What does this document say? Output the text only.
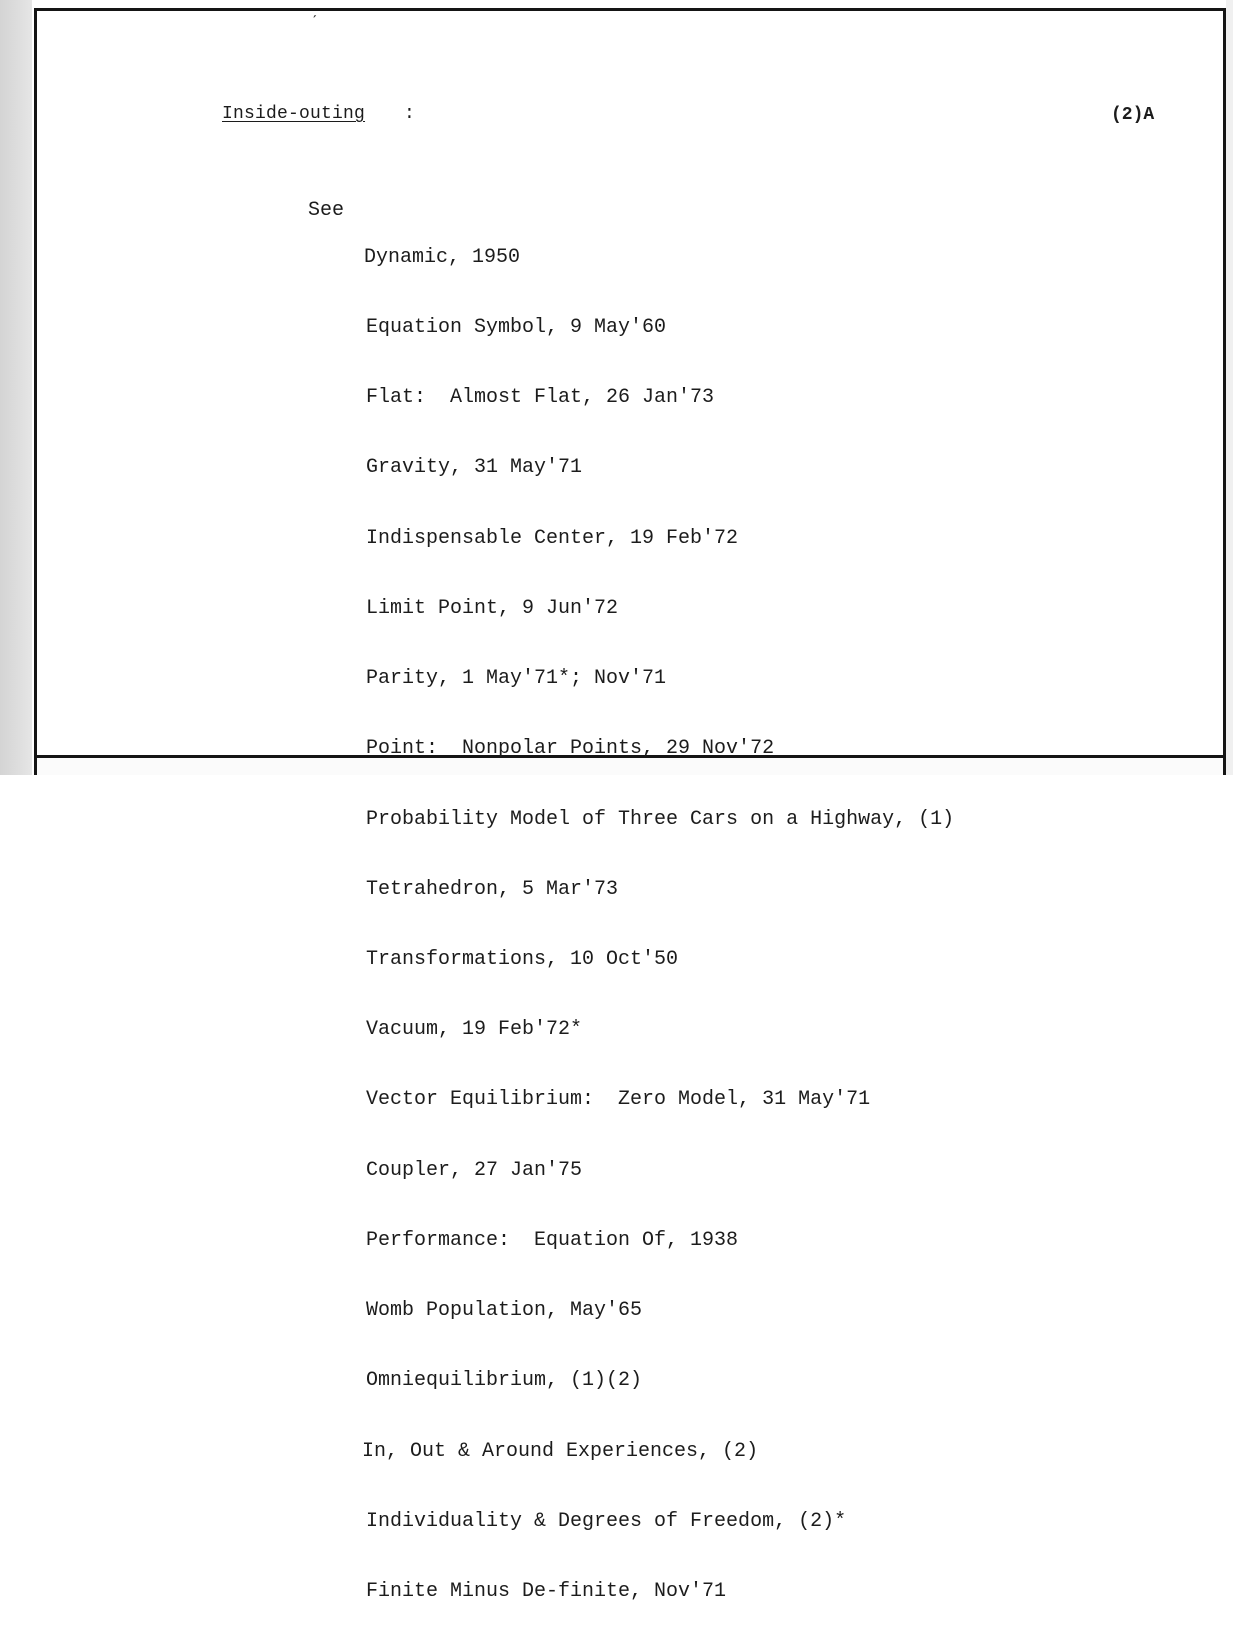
ˊ
Inside-outing :	(2)A
See

Dynamic, 1950

Equation Symbol, 9 May'60

Flat:  Almost Flat, 26 Jan'73

Gravity, 31 May'71

Indispensable Center, 19 Feb'72

Limit Point, 9 Jun'72

Parity, 1 May'71*; Nov'71

Point:  Nonpolar Points, 29 Nov'72

Probability Model of Three Cars on a Highway, (1)

Tetrahedron, 5 Mar'73

Transformations, 10 Oct'50

Vacuum, 19 Feb'72*

Vector Equilibrium:  Zero Model, 31 May'71

Coupler, 27 Jan'75

Performance:  Equation Of, 1938

Womb Population, May'65

Omniequilibrium, (1)(2)

In, Out & Around Experiences, (2)

Individuality & Degrees of Freedom, (2)*

Finite Minus De-finite, Nov'71
